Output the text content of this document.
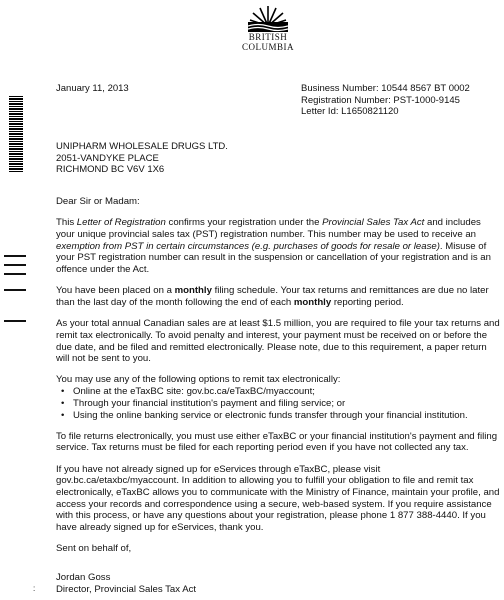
BRITISH
COLUMBIA
January 11, 2013	Business Number: 10544 8567 BT 0002
Registration Number: PST-1000-9145
Letter Id: L1650821120
UNIPHARM WHOLESALE DRUGS LTD.
2051-VANDYKE PLACE
RICHMOND BC V6V 1X6

Dear Sir or Madam:

This Letter of Registration confirms your registration under the Provincial Sales Tax Act and includes your unique provincial sales tax (PST) registration number. This number may be used to receive an exemption from PST in certain circumstances (e.g. purchases of goods for resale or lease). Misuse of your PST registration number can result in the suspension or cancellation of your registration and is an offence under the Act.

You have been placed on a monthly filing schedule. Your tax returns and remittances are due no later than the last day of the month following the end of each monthly reporting period.

As your total annual Canadian sales are at least $1.5 million, you are required to file your tax returns and remit tax electronically. To avoid penalty and interest, your payment must be received on or before the due date, and be filed and remitted electronically. Please note, due to this requirement, a paper return will not be sent to you.

You may use any of the following options to remit tax electronically:
• Online at the eTaxBC site: gov.bc.ca/eTaxBC/myaccount;
• Through your financial institution's payment and filing service; or
• Using the online banking service or electronic funds transfer through your financial institution.

To file returns electronically, you must use either eTaxBC or your financial institution's payment and filing service. Tax returns must be filed for each reporting period even if you have not collected any tax.

If you have not already signed up for eServices through eTaxBC, please visit gov.bc.ca/etaxbc/myaccount. In addition to allowing you to fulfill your obligation to file and remit tax electronically, eTaxBC allows you to communicate with the Ministry of Finance, maintain your profile, and access your records and correspondence using a secure, web-based system. If you require assistance with this process, or have any questions about your registration, please phone 1 877 388-4440. If you have already signed up for eServices, thank you.

Sent on behalf of,

Jordan Goss
Director, Provincial Sales Tax Act
:
